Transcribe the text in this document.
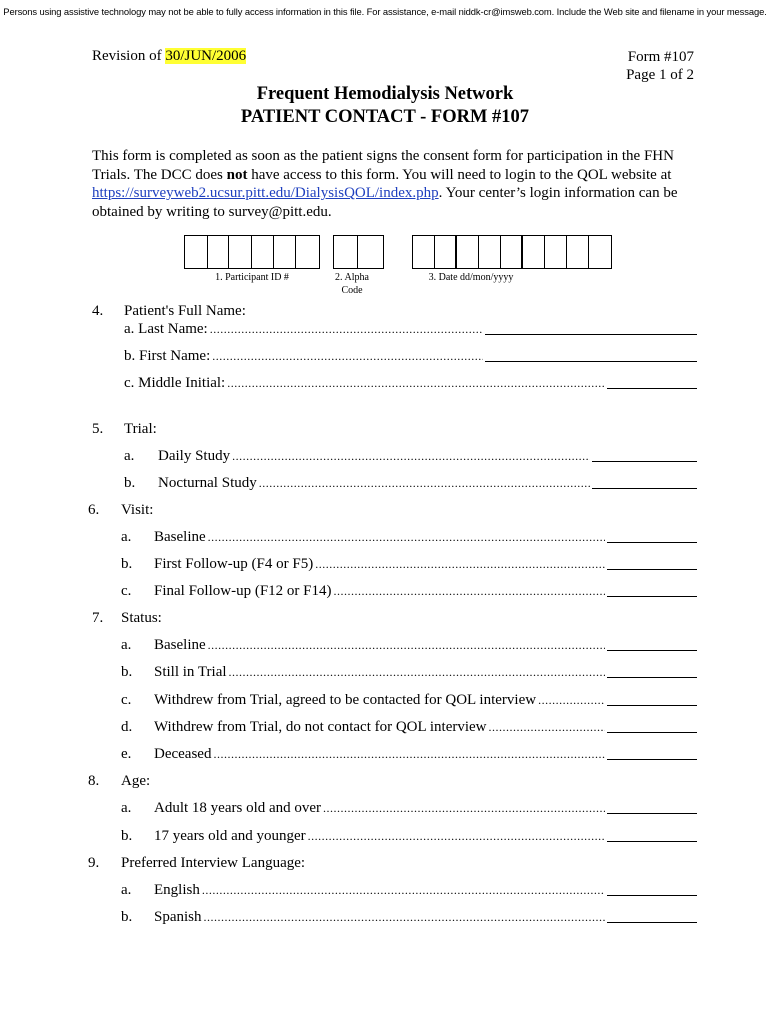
Persons using assistive technology may not be able to fully access information in this file. For assistance, e-mail niddk-cr@imsweb.com. Include the Web site and filename in your message.
Revision of 30/JUN/2006	Form #107
Page 1 of 2
Frequent Hemodialysis Network
PATIENT CONTACT - FORM #107
This form is completed as soon as the patient signs the consent form for participation in the FHN Trials. The DCC does not have access to this form. You will need to login to the QOL website at https://surveyweb2.ucsur.pitt.edu/DialysisQOL/index.php. Your center’s login information can be obtained by writing to survey@pitt.edu.
1. Participant ID #	2. Alpha
Code
3. Date dd/mon/yyyy
4. Patient's Full Name:
a. Last Name:
.....
b. First Name:
.....
c. Middle Initial:
.....
5. Trial:
a. Daily Study
.....
b. Nocturnal Study
.....
6. Visit:
a. Baseline
.....
b. First Follow-up (F4 or F5)
.....
c. Final Follow-up (F12 or F14)
.....
7. Status:
a. Baseline
.....
b. Still in Trial
.....
c. Withdrew from Trial, agreed to be contacted for QOL interview
.....
d. Withdrew from Trial, do not contact for QOL interview
.....
e. Deceased
.....
8. Age:
a. Adult 18 years old and over
.....
b. 17 years old and younger
.....
9. Preferred Interview Language:
a. English
.....
b. Spanish
.....
